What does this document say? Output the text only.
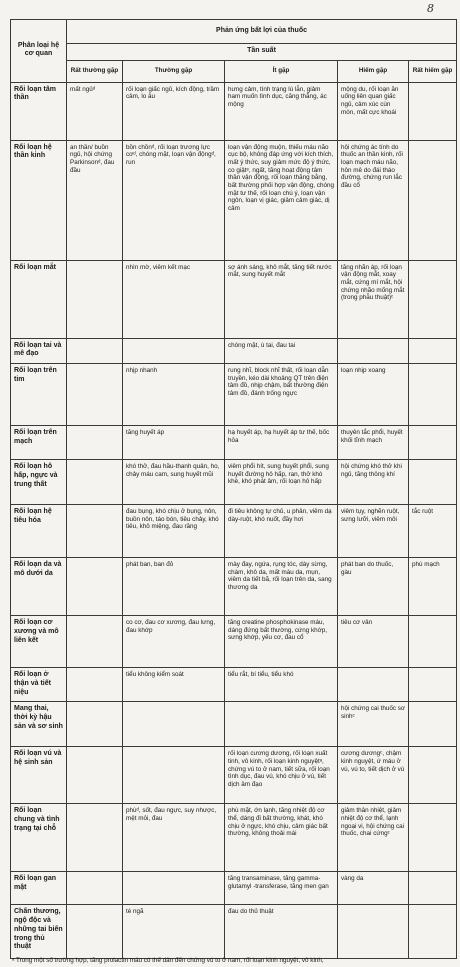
8
Phân loại hệ cơ quan	Phản ứng bất lợi của thuốc				
	Tần suất				
	Rất thường gặp	Thường gặp	Ít gặp	Hiếm gặp	Rất hiếm gặp
Rối loạn tâm thần	mất ngủᵈ	rối loạn giấc ngủ, kích động, trầm cảm, lo âu	hưng cảm, tình trạng lú lẫn, giảm ham muốn tình dục, căng thẳng, ác mộng	mộng du, rối loạn ăn uống liên quan giấc ngủ, cảm xúc cùn mòn, mất cực khoái	
Rối loạn hệ thần kinh	an thần/ buồn ngủ, hội chứng Parkinsonᵈ, đau đầu	bồn chồnᵈ, rối loạn trương lực cơᵈ, chóng mặt, loạn vận độngᵈ, run	loạn vận động muộn, thiếu máu não cục bộ, không đáp ứng với kích thích, mất ý thức, suy giảm mức độ ý thức, co giậtᵉ, ngất, tăng hoạt động tâm thần vận động, rối loạn thăng bằng, bất thường phối hợp vận động, chóng mặt tư thế, rối loạn chú ý, loạn vận ngôn, loạn vị giác, giảm cảm giác, dị cảm	hội chứng ác tính do thuốc an thần kinh, rối loạn mạch máu não, hôn mê do đái tháo đường, chứng run lắc đầu cổ	
Rối loạn mắt		nhìn mờ, viêm kết mạc	sợ ánh sáng, khô mắt, tăng tiết nước mắt, sung huyết mắt	tăng nhãn áp, rối loạn vận động mắt, xoay mắt, cứng mí mắt, hội chứng nhão mống mắt (trong phẫu thuật)ᶜ	
Rối loạn tai và mê đạo			chóng mặt, ù tai, đau tai		
Rối loạn trên tim		nhịp nhanh	rung nhĩ, block nhĩ thất, rối loạn dẫn truyền, kéo dài khoảng QT trên điện tâm đồ, nhịp chậm, bất thường điện tâm đồ, đánh trống ngực	loạn nhịp xoang	
Rối loạn trên mạch		tăng huyết áp	hạ huyết áp, hạ huyết áp tư thế, bốc hỏa	thuyên tắc phổi, huyết khối tĩnh mạch	
Rối loạn hô hấp, ngực và trung thất		khó thở, đau hầu-thanh quản, ho, chảy máu cam, sung huyết mũi	viêm phổi hít, sung huyết phổi, sung huyết đường hô hấp, ran, thở khò khè, khó phát âm, rối loạn hô hấp	hội chứng khó thở khi ngủ, tăng thông khí	
Rối loạn hệ tiêu hóa		đau bụng, khó chịu ở bụng, nôn, buồn nôn, táo bón, tiêu chảy, khó tiêu, khô miệng, đau răng	đi tiêu không tự chủ, u phân, viêm dạ dày-ruột, khó nuốt, đầy hơi	viêm tụy, nghẽn ruột, sưng lưỡi, viêm môi	tắc ruột
Rối loạn da và mô dưới da		phát ban, ban đỏ	mày đay, ngứa, rụng tóc, dày sừng, chàm, khô da, mất màu da, mụn, viêm da tiết bã, rối loạn trên da, sang thương da	phát ban do thuốc, gàu	phù mạch
Rối loạn cơ xương và mô liên kết		co cơ, đau cơ xương, đau lưng, đau khớp	tăng creatine phosphokinase máu, dáng đứng bất thường, cứng khớp, sưng khớp, yếu cơ, đau cổ	tiêu cơ vân	
Rối loạn ở thận và tiết niệu		tiểu không kiểm soát	tiểu rắt, bí tiểu, tiểu khó		
Mang thai, thời kỳ hậu sản và sơ sinh				hội chứng cai thuốc sơ sinhᶜ	
Rối loạn vú và hệ sinh sản			rối loạn cương dương, rối loạn xuất tinh, vô kinh, rối loạn kinh nguyệtᵃ, chứng vú to ở nam, tiết sữa, rối loạn tình dục, đau vú, khó chịu ở vú, tiết dịch âm đạo	cương dươngᶜ, chậm kinh nguyệt, ứ máu ở vú, vú to, tiết dịch ở vú	
Rối loạn chung và tình trạng tại chỗ		phùᵈ, sốt, đau ngực, suy nhược, mệt mỏi, đau	phù mặt, ớn lạnh, tăng nhiệt độ cơ thể, dáng đi bất thường, khát, khó chịu ở ngực, khó chịu, cảm giác bất thường, không thoải mái	giảm thân nhiệt, giảm nhiệt độ cơ thể, lạnh ngoại vi, hội chứng cai thuốc, chai cứngᶜ	
Rối loạn gan mật			tăng transaminase, tăng gamma-glutamyl -transferase, tăng men gan	vàng da	
Chấn thương, ngộ độc và những tai biến trong thủ thuật		té ngã	đau do thủ thuật		
ᵃ Trong một số trường hợp, tăng prolactin máu có thể dẫn đến chứng vú to ở nam, rối loạn kinh nguyệt, vô kinh,
